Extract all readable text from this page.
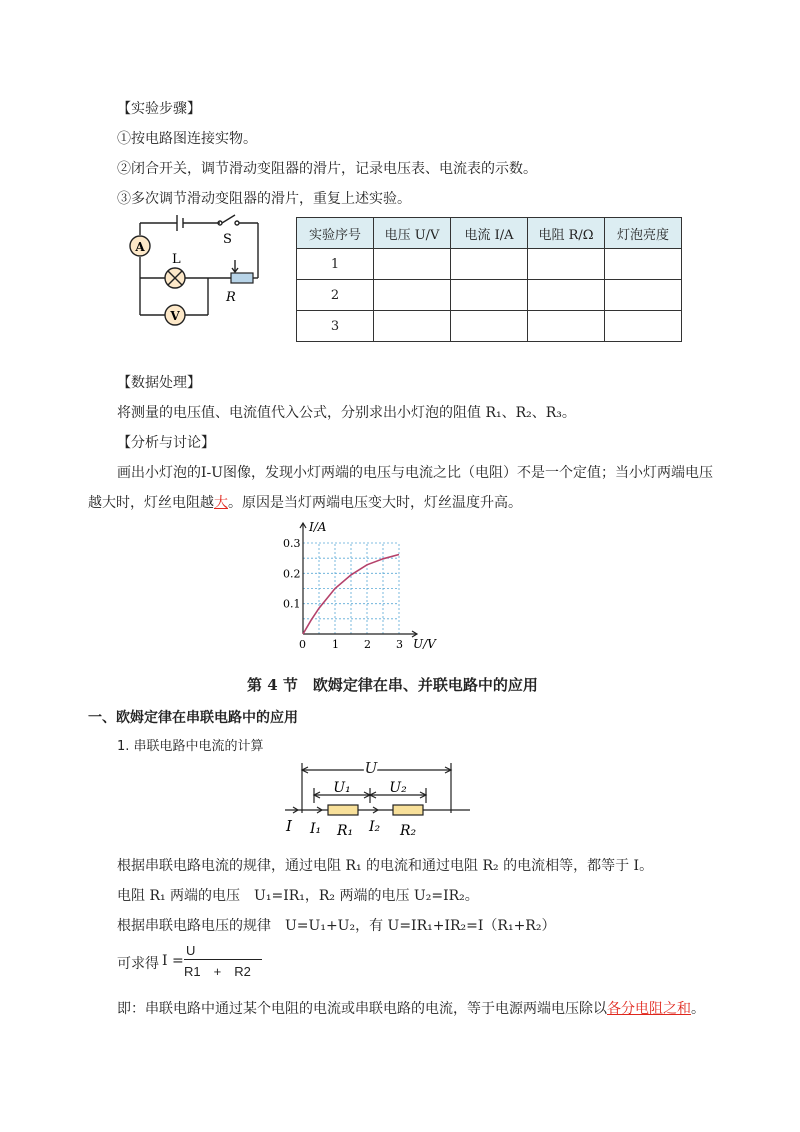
【实验步骤】
①按电路图连接实物。
②闭合开关，调节滑动变阻器的滑片，记录电压表、电流表的示数。
③多次调节滑动变阻器的滑片，重复上述实验。
A
V
S
L
R
实验序号	电压 U/V	电流 I/A	电阻 R/Ω	灯泡亮度
1				
2				
3				
【数据处理】
将测量的电压值、电流值代入公式，分别求出小灯泡的阻值 R₁、R₂、R₃。
【分析与讨论】
画出小灯泡的I-U图像，发现小灯两端的电压与电流之比（电阻）不是一个定值；当小灯两端电压
越大时，灯丝电阻越大。原因是当灯两端电压变大时，灯丝温度升高。
0 1 2 3
0.1
0.2
0.3
I/A
U/V
第 4 节　欧姆定律在串、并联电路中的应用
一、欧姆定律在串联电路中的应用
1. 串联电路中电流的计算
U
U₁	U₂
I I₁	I₂
R₁	R₂
根据串联电路电流的规律，通过电阻 R₁ 的电流和通过电阻 R₂ 的电流相等，都等于 I。
电阻 R₁ 两端的电压　U₁=IR₁，R₂ 两端的电压 U₂=IR₂。
根据串联电路电压的规律　U=U₁+U₂，有 U=IR₁+IR₂=I（R₁+R₂）
可求得 I =
U
R1　+　R2
即：串联电路中通过某个电阻的电流或串联电路的电流，等于电源两端电压除以各分电阻之和。
